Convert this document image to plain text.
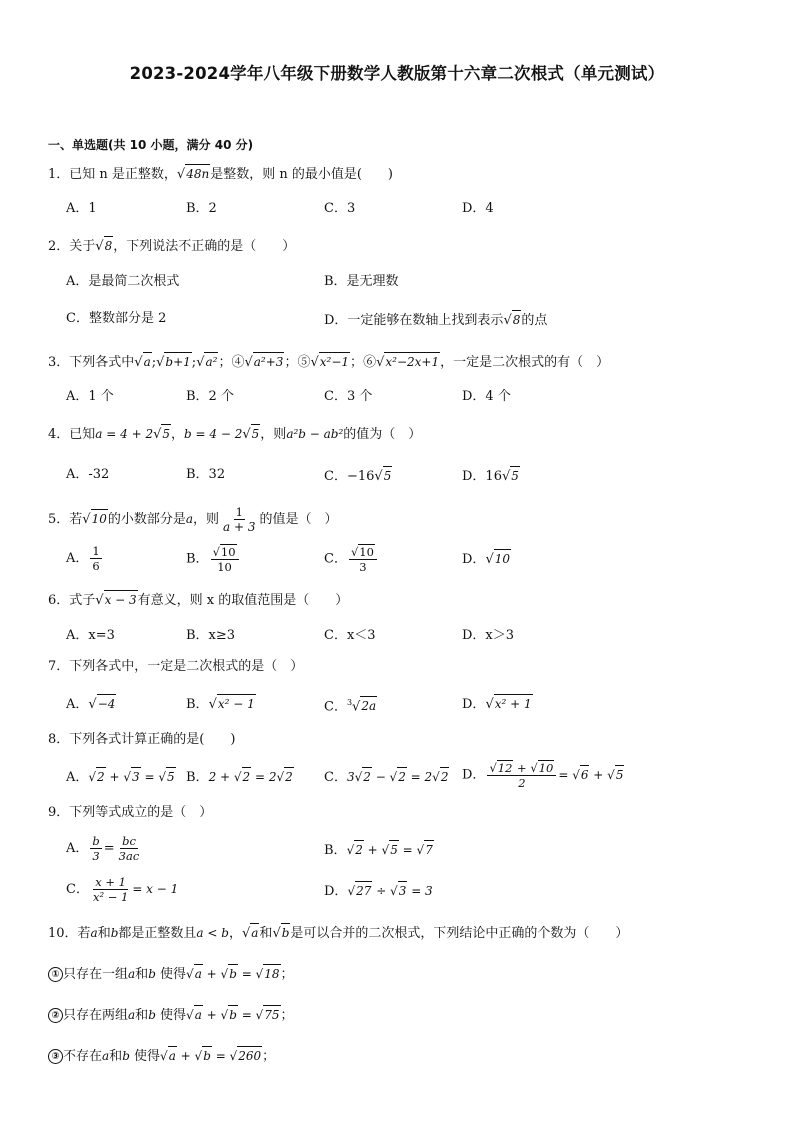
2023-2024学年八年级下册数学人教版第十六章二次根式（单元测试）
一、单选题(共 10 小题，满分 40 分)
1．已知 n 是正整数，√48n是整数，则 n 的最小值是(　　)
A．1	B．2	C．3	D．4
2．关于√8，下列说法不正确的是（　　）
A．是最简二次根式	B．是无理数
C．整数部分是 2	D．一定能够在数轴上找到表示√8的点
3．下列各式中√a;√b+1;√a²；④√a²+3；⑤√x²−1；⑥√x²−2x+1，一定是二次根式的有（　）
A．1 个	B．2 个	C．3 个	D．4 个
4．已知a = 4 + 2√5，b = 4 − 2√5，则a²b − ab²的值为（　）
A．-32	B．32	C．−16√5	D．16√5
5．若√10的小数部分是a，则 $\frac{1}{a + 3}$ 的值是（　）
A． $\frac{1}{6}$	B． $\frac{√10}{10}$	C． $\frac{√10}{3}$	D．√10
6．式子√x − 3有意义，则 x 的取值范围是（　　）
A．x=3	B．x≥3	C．x＜3	D．x＞3
7．下列各式中，一定是二次根式的是（　）
A．√−4	B．√x² − 1	C．$^3$√2a	D．√x² + 1
8．下列各式计算正确的是(　　)
A．√2 + √3 = √5 B．2 + √2 = 2√2 C．3√2 − √2 = 2√2 D． $\frac{√12 + √10}{2} = √6 + √5$
9．下列等式成立的是（　）
A． $\frac{b}{3} = \frac{bc}{3ac}$	B．√2 + √5 = √7
C． $\frac{x + 1}{\text{x² − 1}} = x - 1$	D．√27 ÷ √3 = 3
10．若a和b都是正整数且a < b，√a和√b是可以合并的二次根式，下列结论中正确的个数为（　　）
① 只存在一组a和b 使得√a + √b = √18；
② 只存在两组a和b 使得√a + √b = √75；
③ 不存在a和b 使得√a + √b = √260；
